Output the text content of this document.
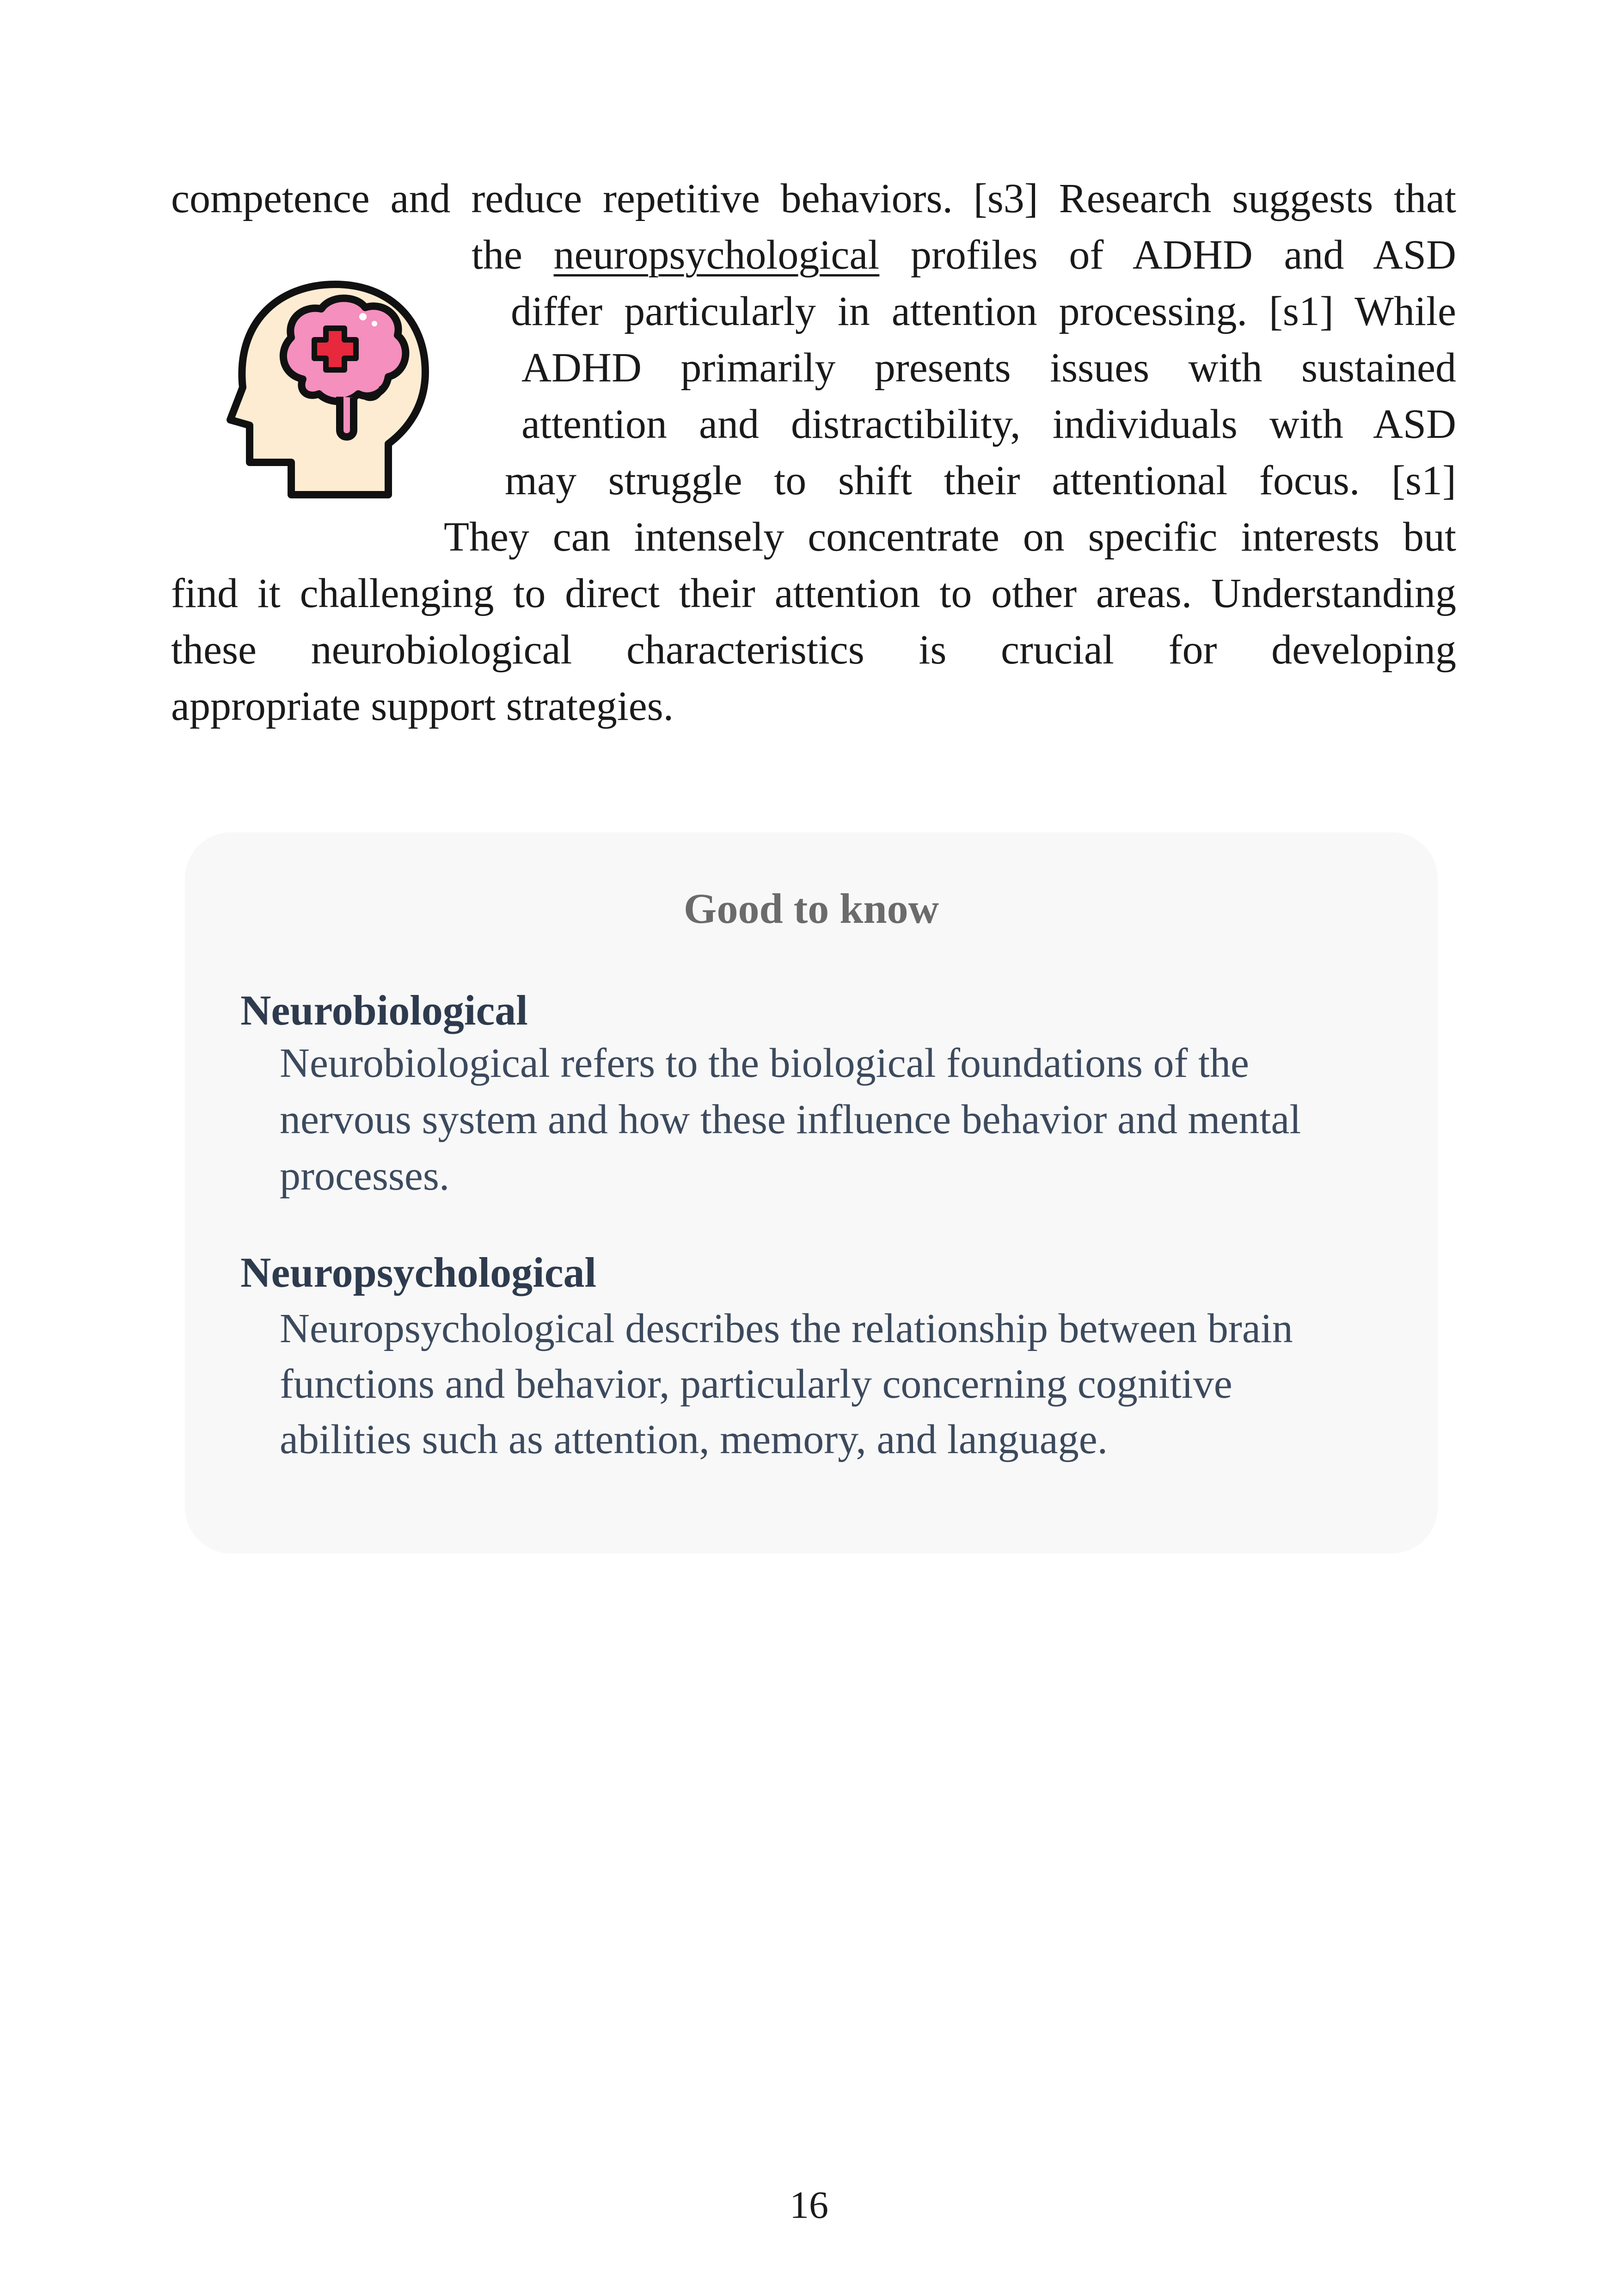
competence and reduce repetitive behaviors. [s3] Research suggests that
the neuropsychological profiles of ADHD and ASD
differ particularly in attention processing. [s1] While
ADHD primarily presents issues with sustained
attention and distractibility, individuals with ASD
may struggle to shift their attentional focus. [s1]
They can intensely concentrate on specific interests but
find it challenging to direct their attention to other areas. Understanding
these neurobiological characteristics is crucial for developing
appropriate support strategies.
Good to know
Neurobiological
Neurobiological refers to the biological foundations of the
nervous system and how these influence behavior and mental
processes.
Neuropsychological
Neuropsychological describes the relationship between brain
functions and behavior, particularly concerning cognitive
abilities such as attention, memory, and language.
16
